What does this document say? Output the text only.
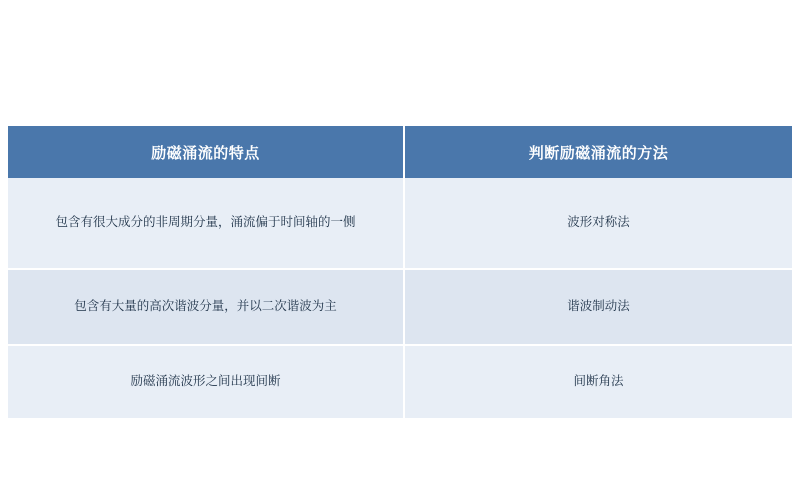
励磁涌流的特点	判断励磁涌流的方法

包含有很大成分的非周期分量，涌流偏于时间轴的一侧	波形对称法

包含有大量的高次谐波分量，并以二次谐波为主	谐波制动法

励磁涌流波形之间出现间断	间断角法
